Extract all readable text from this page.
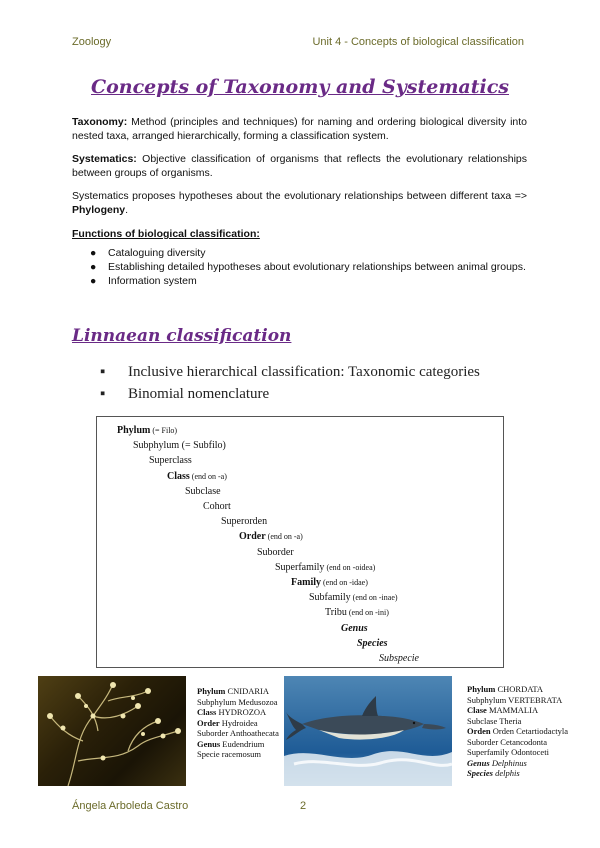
Zoology	Unit 4 - Concepts of biological classification
Concepts of Taxonomy and Systematics
Taxonomy: Method (principles and techniques) for naming and ordering biological diversity into nested taxa, arranged hierarchically, forming a classification system.
Systematics: Objective classification of organisms that reflects the evolutionary relationships between groups of organisms.
Systematics proposes hypotheses about the evolutionary relationships between different taxa => Phylogeny.
Functions of biological classification:
● Cataloguing diversity
● Establishing detailed hypotheses about evolutionary relationships between animal groups.
● Information system
Linnaean classification
▪ Inclusive hierarchical classification: Taxonomic categories
▪ Binomial nomenclature
Phylum (= Filo)
Subphylum (= Subfilo)
Superclass
Class (end on -a)
Subclase
Cohort
Superorden
Order (end on -a)
Suborder
Superfamily (end on -oidea)
Family (end on -idae)
Subfamily (end on -inae)
Tribu (end on -ini)
Genus
Species
Subspecie
Phylum CNIDARIA
Subphylum Medusozoa
Class HYDROZOA
Order Hydroidea
Suborder Anthoathecata
Genus Eudendrium
Specie racemosum
Phylum CHORDATA
Subphylum VERTEBRATA
Clase MAMMALIA
Subclase Theria
Orden Orden Cetartiodactyla
Suborder Cetancodonta
Superfamily Odontoceti
Genus Delphinus
Species delphis
Ángela Arboleda Castro	2
